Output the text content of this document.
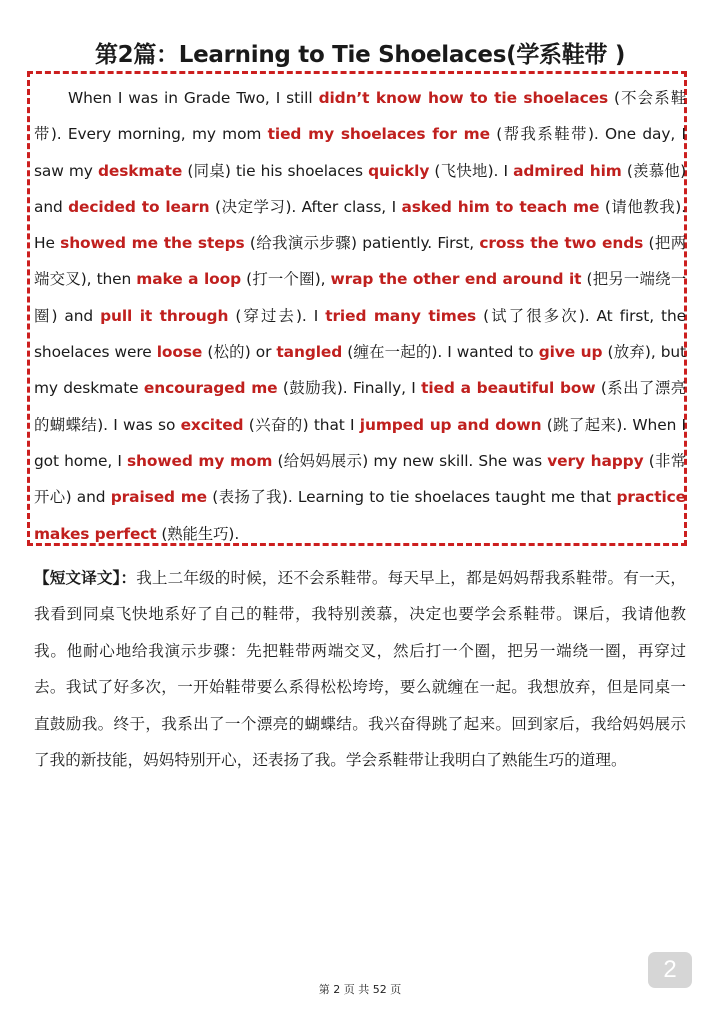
第2篇：Learning to Tie Shoelaces(学系鞋带 )
When I was in Grade Two, I still didn’t know how to tie shoelaces (不会系鞋带). Every morning, my mom tied my shoelaces for me (帮我系鞋带). One day, I saw my deskmate (同桌) tie his shoelaces quickly (飞快地). I admired him (羡慕他) and decided to learn (决定学习). After class, I asked him to teach me (请他教我). He showed me the steps (给我演示步骤) patiently. First, cross the two ends (把两端交叉), then make a loop (打一个圈), wrap the other end around it (把另一端绕一圈) and pull it through (穿过去). I tried many times (试了很多次). At first, the shoelaces were loose (松的) or tangled (缠在一起的). I wanted to give up (放弃), but my deskmate encouraged me (鼓励我). Finally, I tied a beautiful bow (系出了漂亮的蝴蝶结). I was so excited (兴奋的) that I jumped up and down (跳了起来). When I got home, I showed my mom (给妈妈展示) my new skill. She was very happy (非常开心) and praised me (表扬了我). Learning to tie shoelaces taught me that practice makes perfect (熟能生巧).
【短文译文】：我上二年级的时候，还不会系鞋带。每天早上，都是妈妈帮我系鞋带。有一天，我看到同桌飞快地系好了自己的鞋带，我特别羡慕，决定也要学会系鞋带。课后，我请他教我。他耐心地给我演示步骤：先把鞋带两端交叉，然后打一个圈，把另一端绕一圈，再穿过去。我试了好多次，一开始鞋带要么系得松松垮垮，要么就缠在一起。我想放弃，但是同桌一直鼓励我。终于，我系出了一个漂亮的蝴蝶结。我兴奋得跳了起来。回到家后，我给妈妈展示了我的新技能，妈妈特别开心，还表扬了我。学会系鞋带让我明白了熟能生巧的道理。
第 2 页 共 52 页
2
